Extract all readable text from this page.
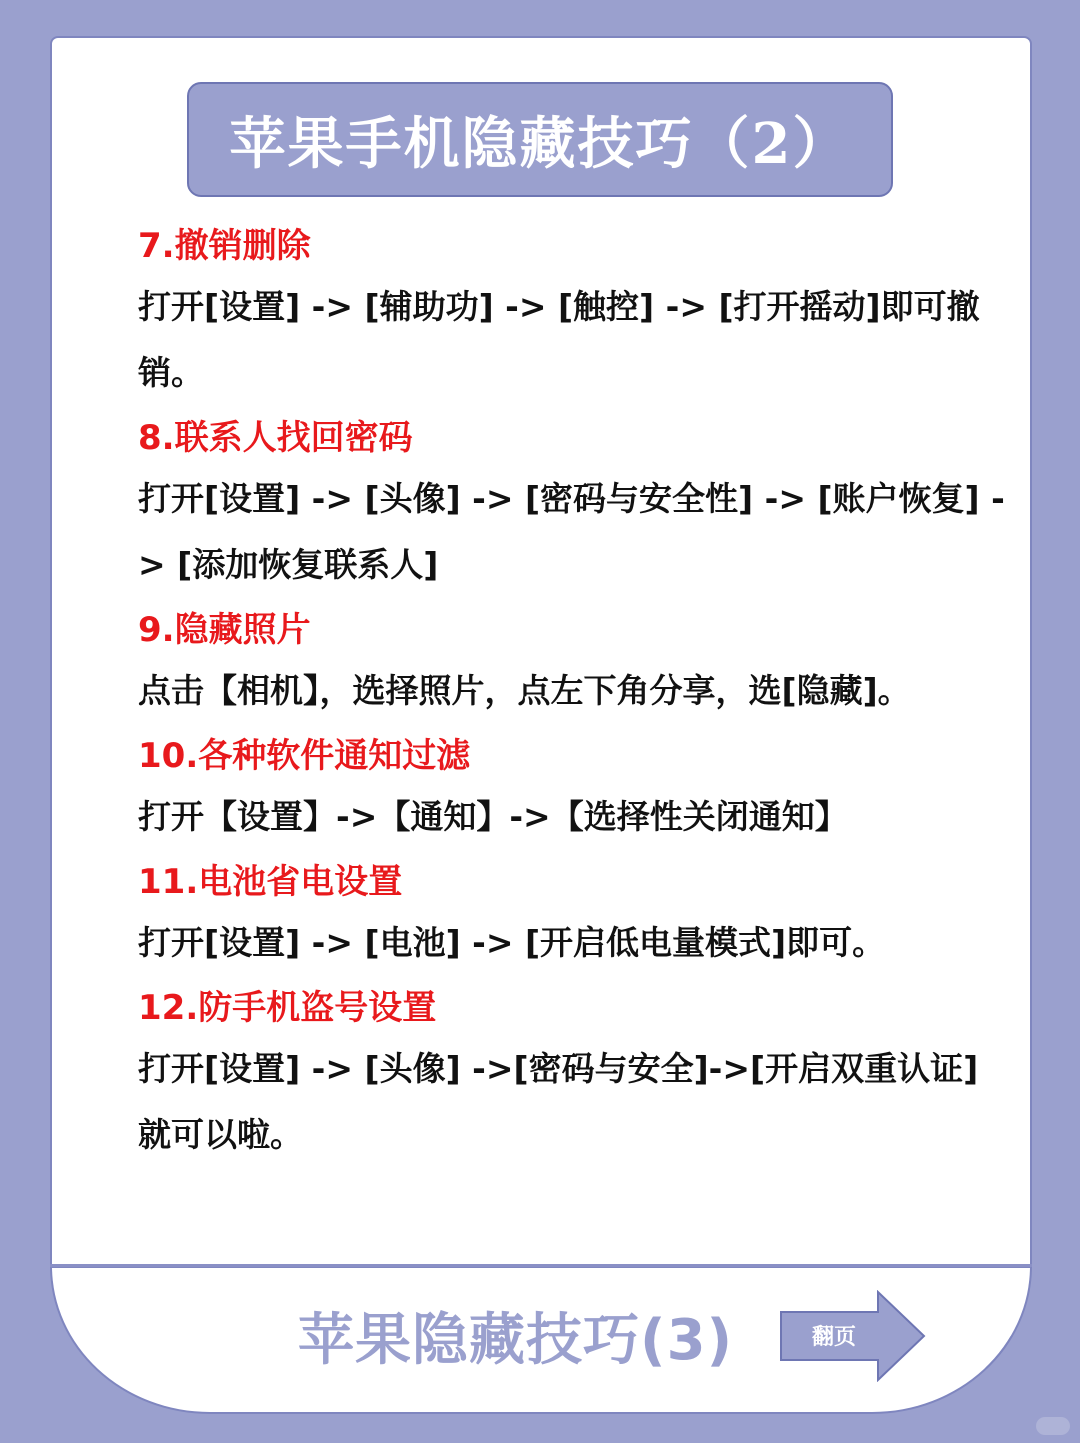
苹果手机隐藏技巧（2）

7.撤销删除

打开[设置] -> [辅助功] -> [触控] -> [打开摇动]即可撤销。

8.联系人找回密码

打开[设置] -> [头像] -> [密码与安全性] -> [账户恢复] -> [添加恢复联系人]

9.隐藏照片

点击【相机】，选择照片，点左下角分享，选[隐藏]。

10.各种软件通知过滤

打开【设置】->【通知】->【选择性关闭通知】

11.电池省电设置

打开[设置] -> [电池] -> [开启低电量模式]即可。

12.防手机盗号设置

打开[设置] -> [头像] ->[密码与安全]->[开启双重认证]就可以啦。

苹果隐藏技巧(3)	翻页
